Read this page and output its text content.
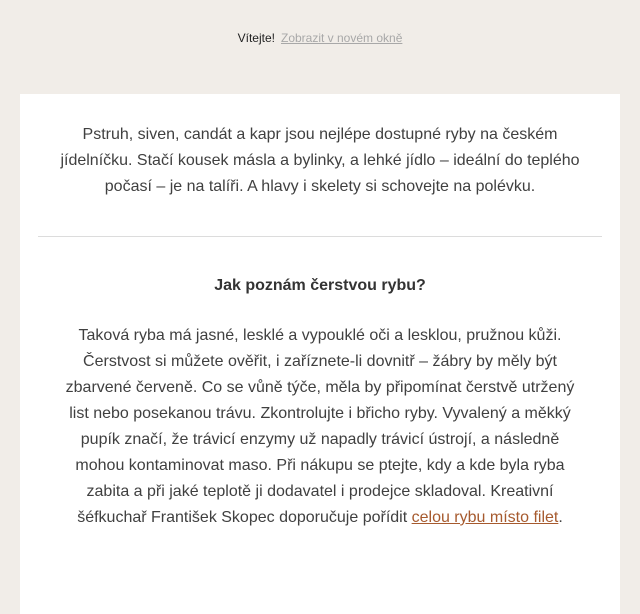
Vítejte! Zobrazit v novém okně

Pstruh, siven, candát a kapr jsou nejlépe dostupné ryby na českém jídelníčku. Stačí kousek másla a bylinky, a lehké jídlo – ideální do teplého počasí – je na talíři. A hlavy i skelety si schovejte na polévku.

Jak poznám čerstvou rybu?

Taková ryba má jasné, lesklé a vypouklé oči a lesklou, pružnou kůži. Čerstvost si můžete ověřit, i zaříznete-li dovnitř – žábry by měly být zbarvené červeně. Co se vůně týče, měla by připomínat čerstvě utržený list nebo posekanou trávu. Zkontrolujte i břicho ryby. Vyvalený a měkký pupík značí, že trávicí enzymy už napadly trávicí ústrojí, a následně mohou kontaminovat maso. Při nákupu se ptejte, kdy a kde byla ryba zabita a při jaké teplotě ji dodavatel i prodejce skladoval. Kreativní šéfkuchař František Skopec doporučuje pořídit celou rybu místo filet.
